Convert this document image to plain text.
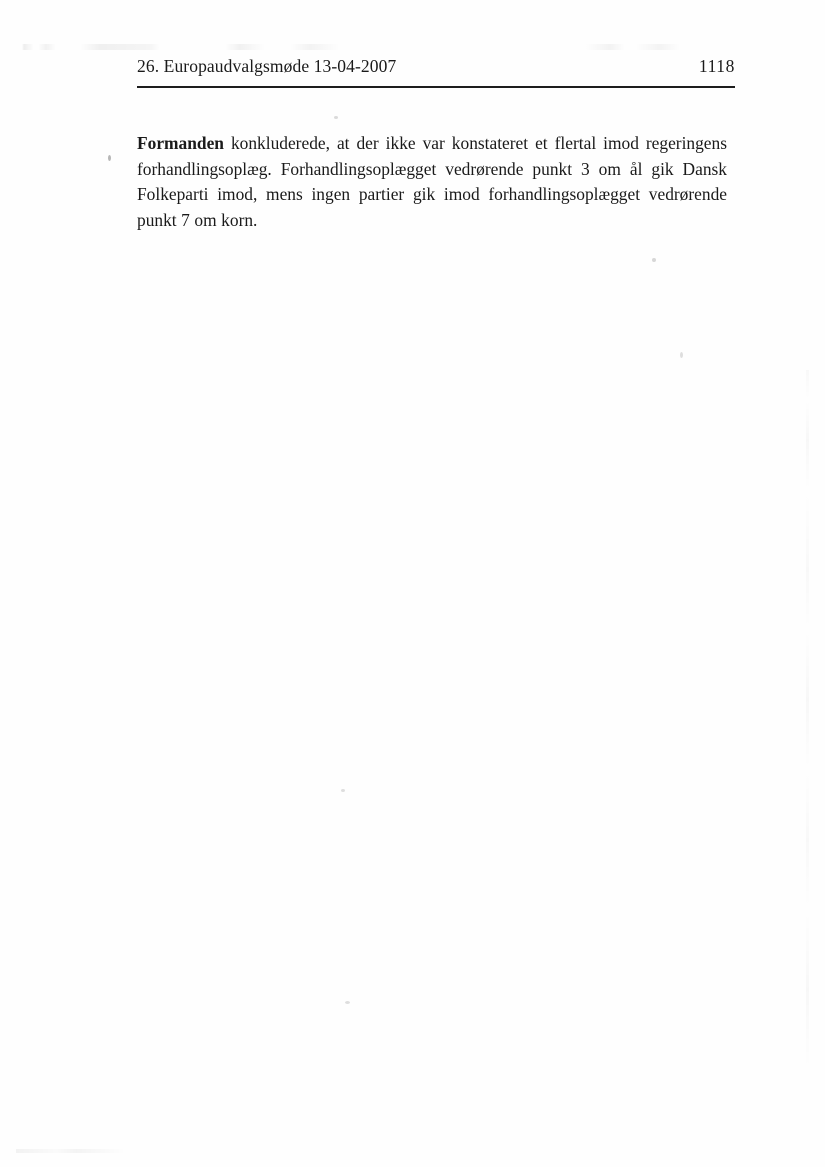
26. Europaudvalgsmøde 13-04-2007	1118

Formanden konkluderede, at der ikke var konstateret et flertal imod regeringens forhandlingsoplæg. Forhandlingsoplægget vedrørende punkt 3 om ål gik Dansk Folkeparti imod, mens ingen partier gik imod forhandlingsoplægget vedrørende punkt 7 om korn.
